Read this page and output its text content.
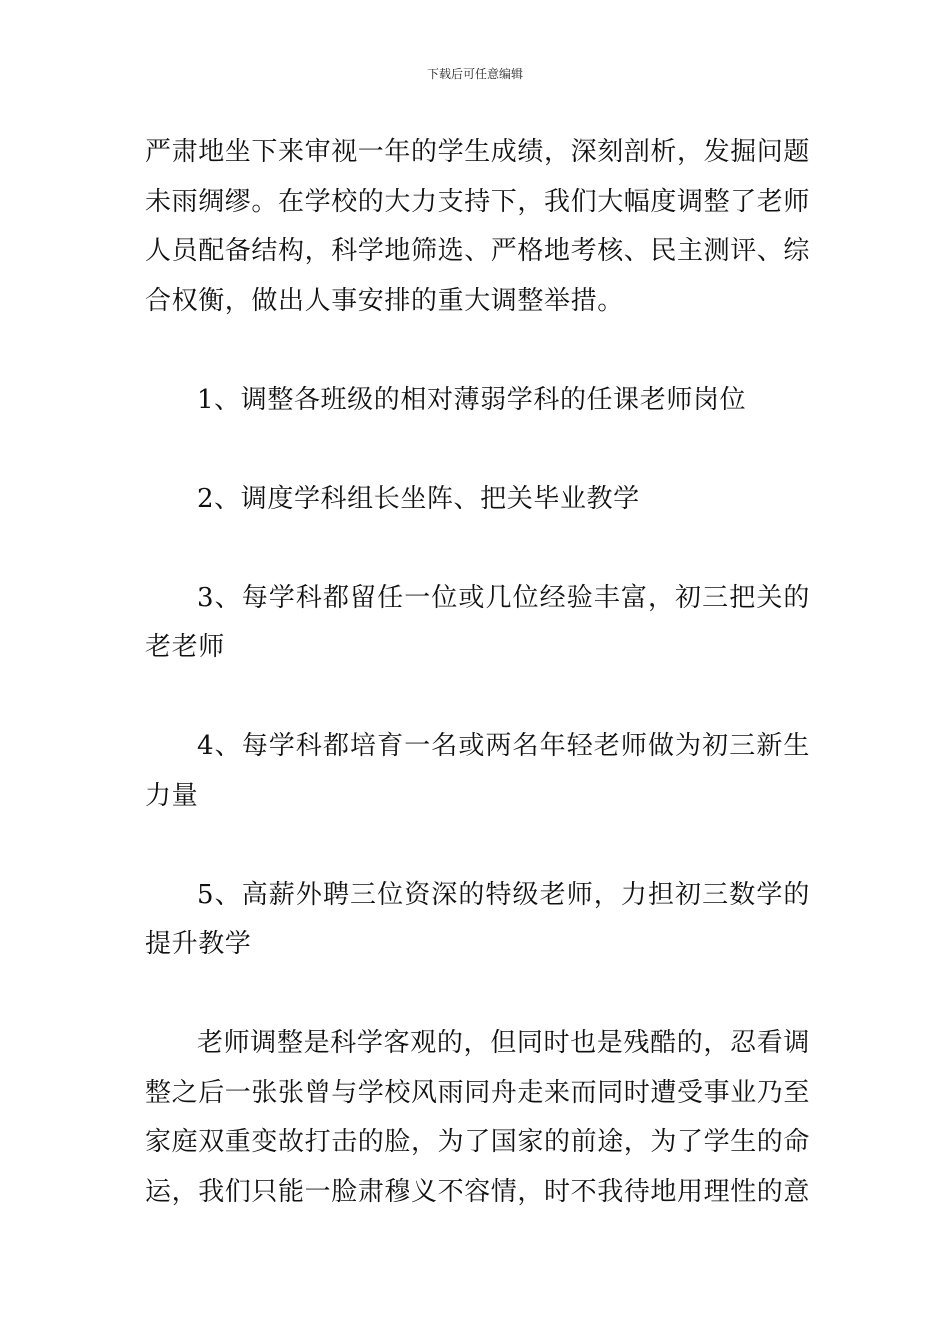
下载后可任意编辑

严肃地坐下来审视一年的学生成绩，深刻剖析，发掘问题未雨绸缪。在学校的大力支持下，我们大幅度调整了老师人员配备结构，科学地筛选、严格地考核、民主测评、综合权衡，做出人事安排的重大调整举措。

1、调整各班级的相对薄弱学科的任课老师岗位

2、调度学科组长坐阵、把关毕业教学

3、每学科都留任一位或几位经验丰富，初三把关的老老师

4、每学科都培育一名或两名年轻老师做为初三新生力量

5、高薪外聘三位资深的特级老师，力担初三数学的提升教学

老师调整是科学客观的，但同时也是残酷的，忍看调整之后一张张曾与学校风雨同舟走来而同时遭受事业乃至家庭双重变故打击的脸，为了国家的前途，为了学生的命运，我们只能一脸肃穆义不容情，时不我待地用理性的意
